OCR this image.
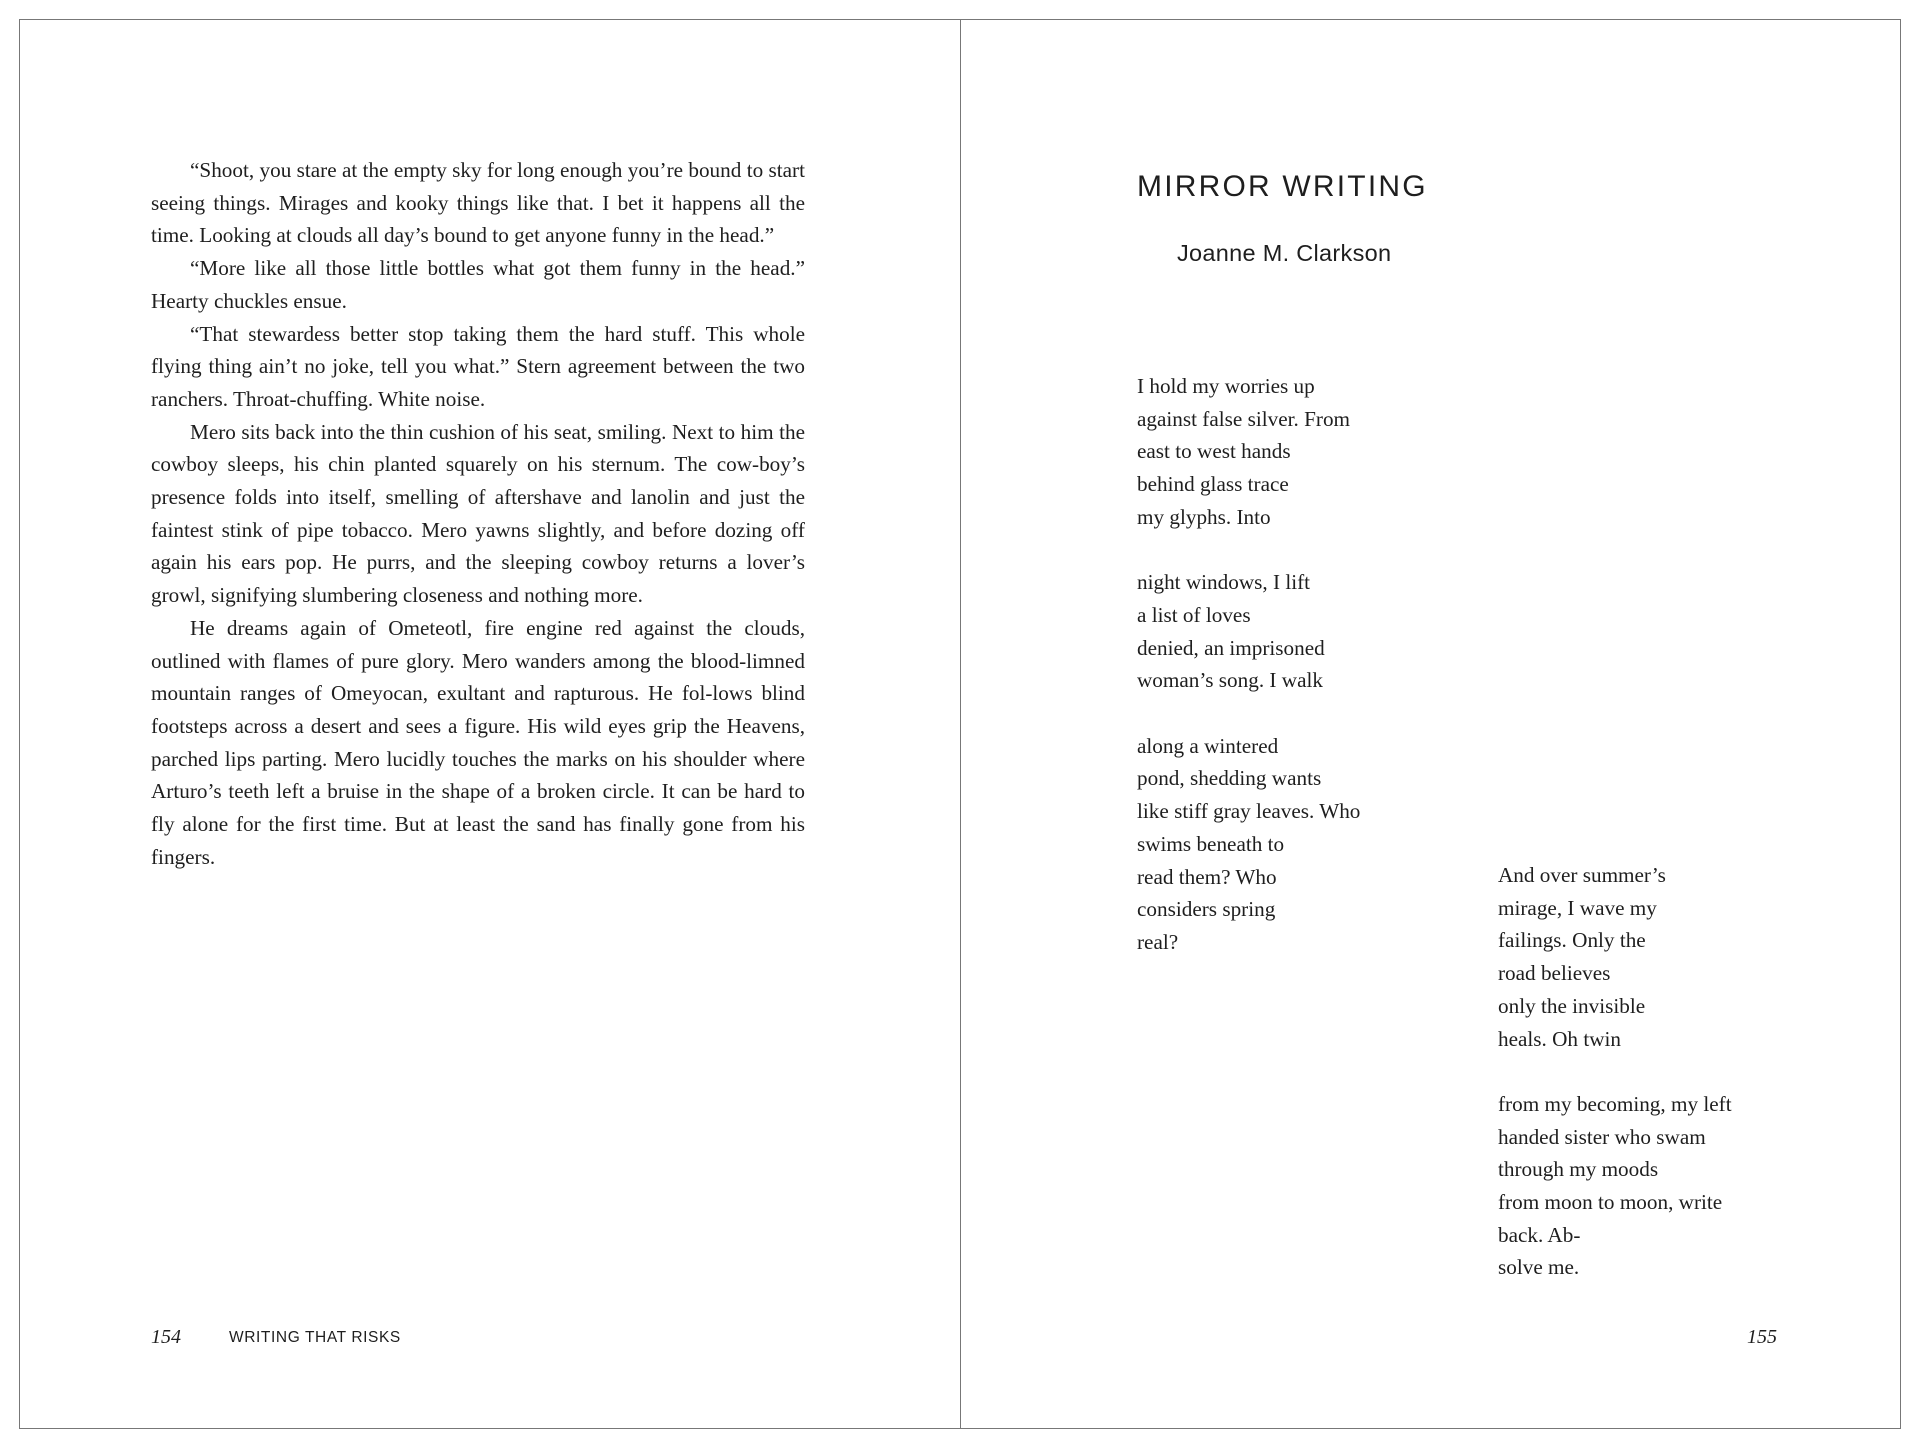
“Shoot, you stare at the empty sky for long enough you’re bound to start seeing things. Mirages and kooky things like that. I bet it happens all the time. Looking at clouds all day’s bound to get anyone funny in the head.”

“More like all those little bottles what got them funny in the head.” Hearty chuckles ensue.

“That stewardess better stop taking them the hard stuff. This whole flying thing ain’t no joke, tell you what.” Stern agreement between the two ranchers. Throat-chuffing. White noise.

Mero sits back into the thin cushion of his seat, smiling. Next to him the cowboy sleeps, his chin planted squarely on his sternum. The cow-boy’s presence folds into itself, smelling of aftershave and lanolin and just the faintest stink of pipe tobacco. Mero yawns slightly, and before dozing off again his ears pop. He purrs, and the sleeping cowboy returns a lover’s growl, signifying slumbering closeness and nothing more.

He dreams again of Ometeotl, fire engine red against the clouds, outlined with flames of pure glory. Mero wanders among the blood-limned mountain ranges of Omeyocan, exultant and rapturous. He fol-lows blind footsteps across a desert and sees a figure. His wild eyes grip the Heavens, parched lips parting. Mero lucidly touches the marks on his shoulder where Arturo’s teeth left a bruise in the shape of a broken circle. It can be hard to fly alone for the first time. But at least the sand has finally gone from his fingers.

154	WRITING THAT RISKS
MIRROR WRITING
Joanne M. Clarkson
I hold my worries up
against false silver. From
east to west hands
behind glass trace
my glyphs. Into
night windows, I lift
a list of loves
denied, an imprisoned
woman’s song. I walk
along a wintered
pond, shedding wants
like stiff gray leaves. Who
swims beneath to
read them? Who
considers spring
real?
And over summer’s
mirage, I wave my
failings. Only the
road believes
only the invisible
heals. Oh twin
from my becoming, my left
handed sister who swam
through my moods
from moon to moon, write
back. Ab-
solve me.
155
